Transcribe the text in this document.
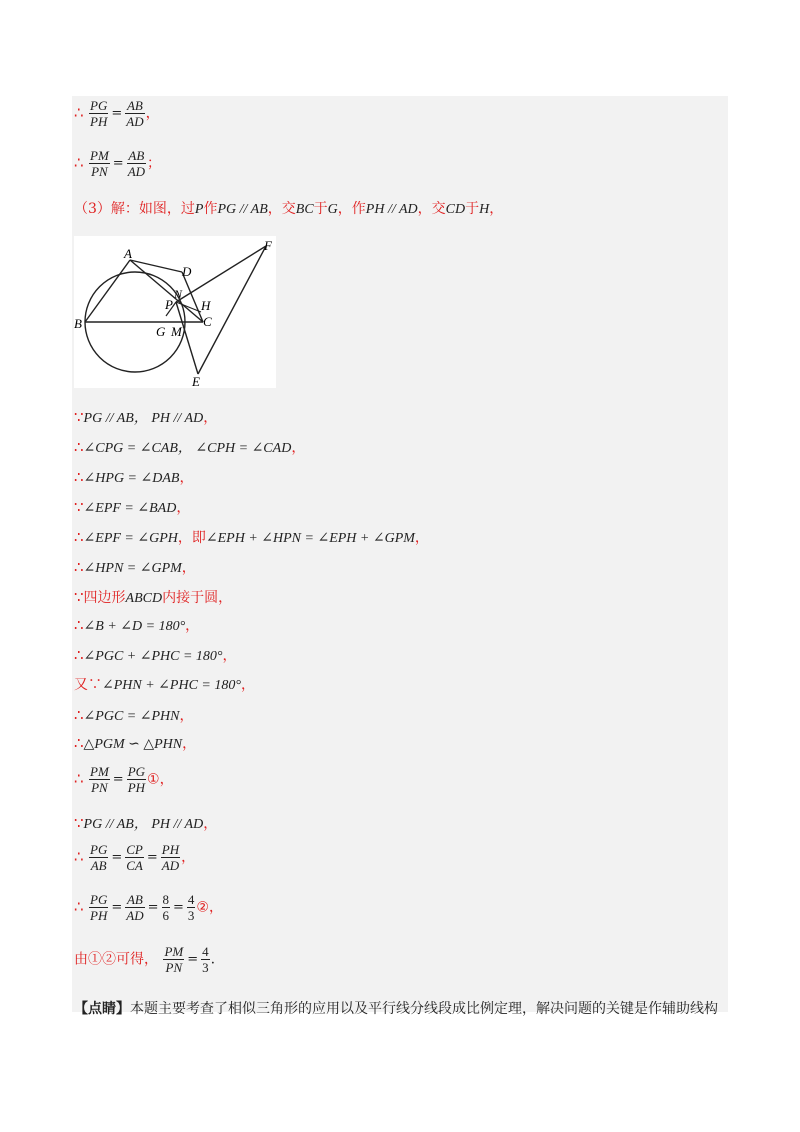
∴ $\frac{PG}{PH} = \frac{AB}{AD}$ ，
∴ $\frac{PM}{PN} = \frac{AB}{AD}$ ；
（3）解：如图，过P作PG // AB，交BC于G，作PH // AD，交CD于H，
A
B	C
D
E
F
G
H
M
N
P
∵PG // AB， PH // AD，
∴∠CPG = ∠CAB， ∠CPH = ∠CAD，
∴∠HPG = ∠DAB，
∵∠EPF = ∠BAD，
∴∠EPF = ∠GPH，即∠EPH + ∠HPN = ∠EPH + ∠GPM，
∴∠HPN = ∠GPM，
∵四边形ABCD内接于圆，
∴∠B + ∠D = 180°，
∴∠PGC + ∠PHC = 180°，
又∵∠PHN + ∠PHC = 180°，
∴∠PGC = ∠PHN，
∴△PGM ∽ △PHN，
∴ $\frac{PM}{PN} = \frac{PG}{PH}$ ①，
∵PG // AB， PH // AD，
∴ $\frac{PG}{AB} = \frac{CP}{CA} = \frac{PH}{AD}$ ，
∴ $\frac{PG}{PH} = \frac{AB}{AD} = \frac{8}{6} = \frac{4}{3}$ ②，
由①②可得， $\frac{PM}{PN} = \frac{4}{3}$ .
【点睛】本题主要考查了相似三角形的应用以及平行线分线段成比例定理，解决问题的关键是作辅助线构
